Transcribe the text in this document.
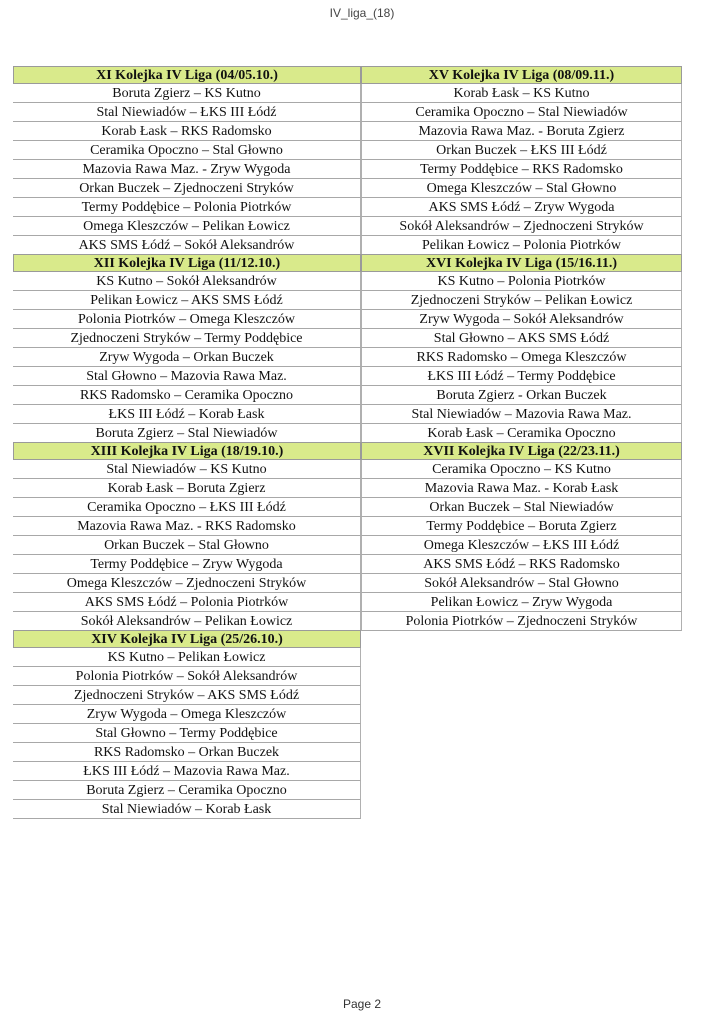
IV_liga_(18)
XI Kolejka IV Liga (04/05.10.)
Boruta Zgierz – KS Kutno
Stal Niewiadów – ŁKS III Łódź
Korab Łask – RKS Radomsko
Ceramika Opoczno – Stal Głowno
Mazovia Rawa Maz. - Zryw Wygoda
Orkan Buczek – Zjednoczeni Stryków
Termy Poddębice – Polonia Piotrków
Omega Kleszczów – Pelikan Łowicz
AKS SMS Łódź – Sokół Aleksandrów
XII Kolejka IV Liga (11/12.10.)
KS Kutno – Sokół Aleksandrów
Pelikan Łowicz – AKS SMS Łódź
Polonia Piotrków – Omega Kleszczów
Zjednoczeni Stryków – Termy Poddębice
Zryw Wygoda – Orkan Buczek
Stal Głowno – Mazovia Rawa Maz.
RKS Radomsko – Ceramika Opoczno
ŁKS III Łódź – Korab Łask
Boruta Zgierz – Stal Niewiadów
XIII Kolejka IV Liga (18/19.10.)
Stal Niewiadów – KS Kutno
Korab Łask – Boruta Zgierz
Ceramika Opoczno – ŁKS III Łódź
Mazovia Rawa Maz. - RKS Radomsko
Orkan Buczek – Stal Głowno
Termy Poddębice – Zryw Wygoda
Omega Kleszczów – Zjednoczeni Stryków
AKS SMS Łódź – Polonia Piotrków
Sokół Aleksandrów – Pelikan Łowicz
XIV Kolejka IV Liga (25/26.10.)
KS Kutno – Pelikan Łowicz
Polonia Piotrków – Sokół Aleksandrów
Zjednoczeni Stryków – AKS SMS Łódź
Zryw Wygoda – Omega Kleszczów
Stal Głowno – Termy Poddębice
RKS Radomsko – Orkan Buczek
ŁKS III Łódź – Mazovia Rawa Maz.
Boruta Zgierz – Ceramika Opoczno
Stal Niewiadów – Korab Łask
XV Kolejka IV Liga (08/09.11.)
Korab Łask – KS Kutno
Ceramika Opoczno – Stal Niewiadów
Mazovia Rawa Maz. - Boruta Zgierz
Orkan Buczek – ŁKS III Łódź
Termy Poddębice – RKS Radomsko
Omega Kleszczów – Stal Głowno
AKS SMS Łódź – Zryw Wygoda
Sokół Aleksandrów – Zjednoczeni Stryków
Pelikan Łowicz – Polonia Piotrków
XVI Kolejka IV Liga (15/16.11.)
KS Kutno – Polonia Piotrków
Zjednoczeni Stryków – Pelikan Łowicz
Zryw Wygoda – Sokół Aleksandrów
Stal Głowno – AKS SMS Łódź
RKS Radomsko – Omega Kleszczów
ŁKS III Łódź – Termy Poddębice
Boruta Zgierz - Orkan Buczek
Stal Niewiadów – Mazovia Rawa Maz.
Korab Łask – Ceramika Opoczno
XVII Kolejka IV Liga (22/23.11.)
Ceramika Opoczno – KS Kutno
Mazovia Rawa Maz. - Korab Łask
Orkan Buczek – Stal Niewiadów
Termy Poddębice – Boruta Zgierz
Omega Kleszczów – ŁKS III Łódź
AKS SMS Łódź – RKS Radomsko
Sokół Aleksandrów – Stal Głowno
Pelikan Łowicz – Zryw Wygoda
Polonia Piotrków – Zjednoczeni Stryków
Page 2
